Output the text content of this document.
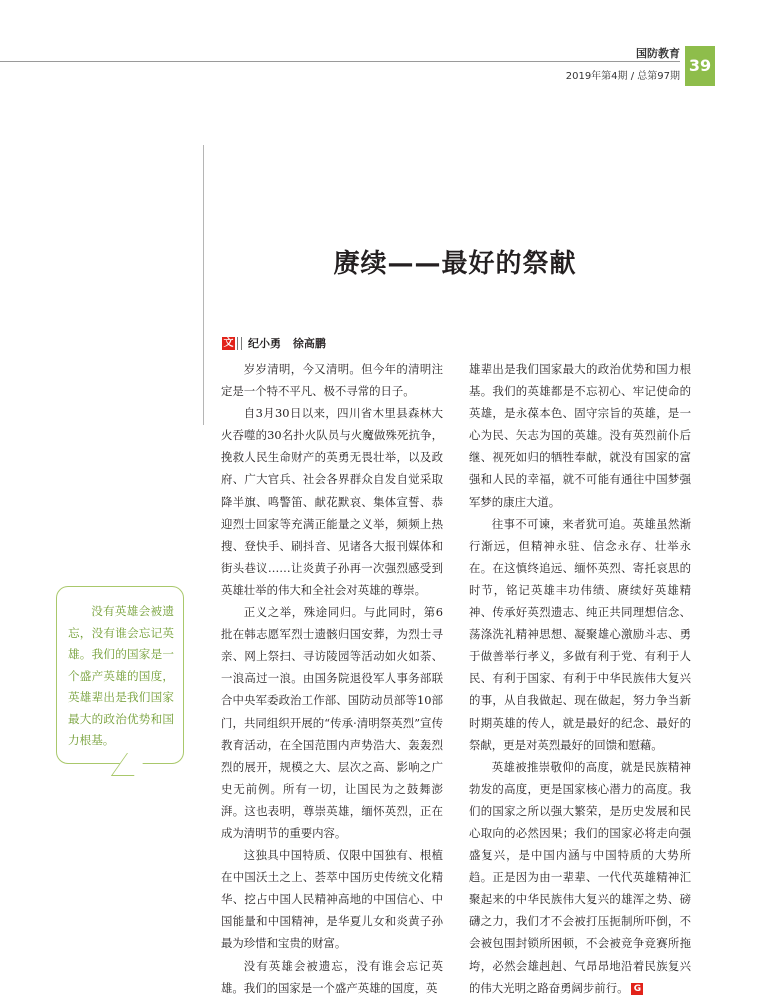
国防教育
2019年第4期 / 总第97期
39
赓续——最好的祭献
文 纪小勇 徐高鹏

岁岁清明，今又清明。但今年的清明注定是一个特不平凡、极不寻常的日子。

自3月30日以来，四川省木里县森林大火吞噬的30名扑火队员与火魔做殊死抗争，挽救人民生命财产的英勇无畏壮举，以及政府、广大官兵、社会各界群众自发自觉采取降半旗、鸣警笛、献花默哀、集体宣誓、恭迎烈士回家等充满正能量之义举，频频上热搜、登快手、刷抖音、见诸各大报刊媒体和街头巷议……让炎黄子孙再一次强烈感受到英雄壮举的伟大和全社会对英雄的尊崇。

正义之举，殊途同归。与此同时，第6批在韩志愿军烈士遗骸归国安葬，为烈士寻亲、网上祭扫、寻访陵园等活动如火如荼、一浪高过一浪。由国务院退役军人事务部联合中央军委政治工作部、国防动员部等10部门，共同组织开展的“传承·清明祭英烈”宣传教育活动，在全国范围内声势浩大、轰轰烈烈的展开，规模之大、层次之高、影响之广史无前例。所有一切，让国民为之鼓舞澎湃。这也表明，尊崇英雄，缅怀英烈，正在成为清明节的重要内容。

这独具中国特质、仅限中国独有、根植在中国沃土之上、荟萃中国历史传统文化精华、挖占中国人民精神高地的中国信心、中国能量和中国精神，是华夏儿女和炎黄子孙最为珍惜和宝贵的财富。

没有英雄会被遗忘，没有谁会忘记英雄。我们的国家是一个盛产英雄的国度，英

雄辈出是我们国家最大的政治优势和国力根基。我们的英雄都是不忘初心、牢记使命的英雄，是永葆本色、固守宗旨的英雄，是一心为民、矢志为国的英雄。没有英烈前仆后继、视死如归的牺牲奉献，就没有国家的富强和人民的幸福，就不可能有通往中国梦强军梦的康庄大道。

往事不可谏，来者犹可追。英雄虽然渐行渐远，但精神永驻、信念永存、壮举永在。在这慎终追远、缅怀英烈、寄托哀思的时节，铭记英雄丰功伟绩、赓续好英雄精神、传承好英烈遗志、纯正共同理想信念、荡涤洗礼精神思想、凝聚雄心激励斗志、勇于做善举行孝义，多做有利于党、有利于人民、有利于国家、有利于中华民族伟大复兴的事，从自我做起、现在做起，努力争当新时期英雄的传人，就是最好的纪念、最好的祭献，更是对英烈最好的回馈和慰藉。

英雄被推崇敬仰的高度，就是民族精神勃发的高度，更是国家核心潜力的高度。我们的国家之所以强大繁荣，是历史发展和民心取向的必然因果；我们的国家必将走向强盛复兴，是中国内涵与中国特质的大势所趋。正是因为由一辈辈、一代代英雄精神汇聚起来的中华民族伟大复兴的雄浑之势、磅礴之力，我们才不会被打压扼制所吓倒，不会被包围封锁所困顿，不会被竞争竞赛所拖垮，必然会雄赳赳、气昂昂地沿着民族复兴的伟大光明之路奋勇阔步前行。 G

没有英雄会被遗忘，没有谁会忘记英雄。我们的国家是一个盛产英雄的国度，英雄辈出是我们国家最大的政治优势和国力根基。
